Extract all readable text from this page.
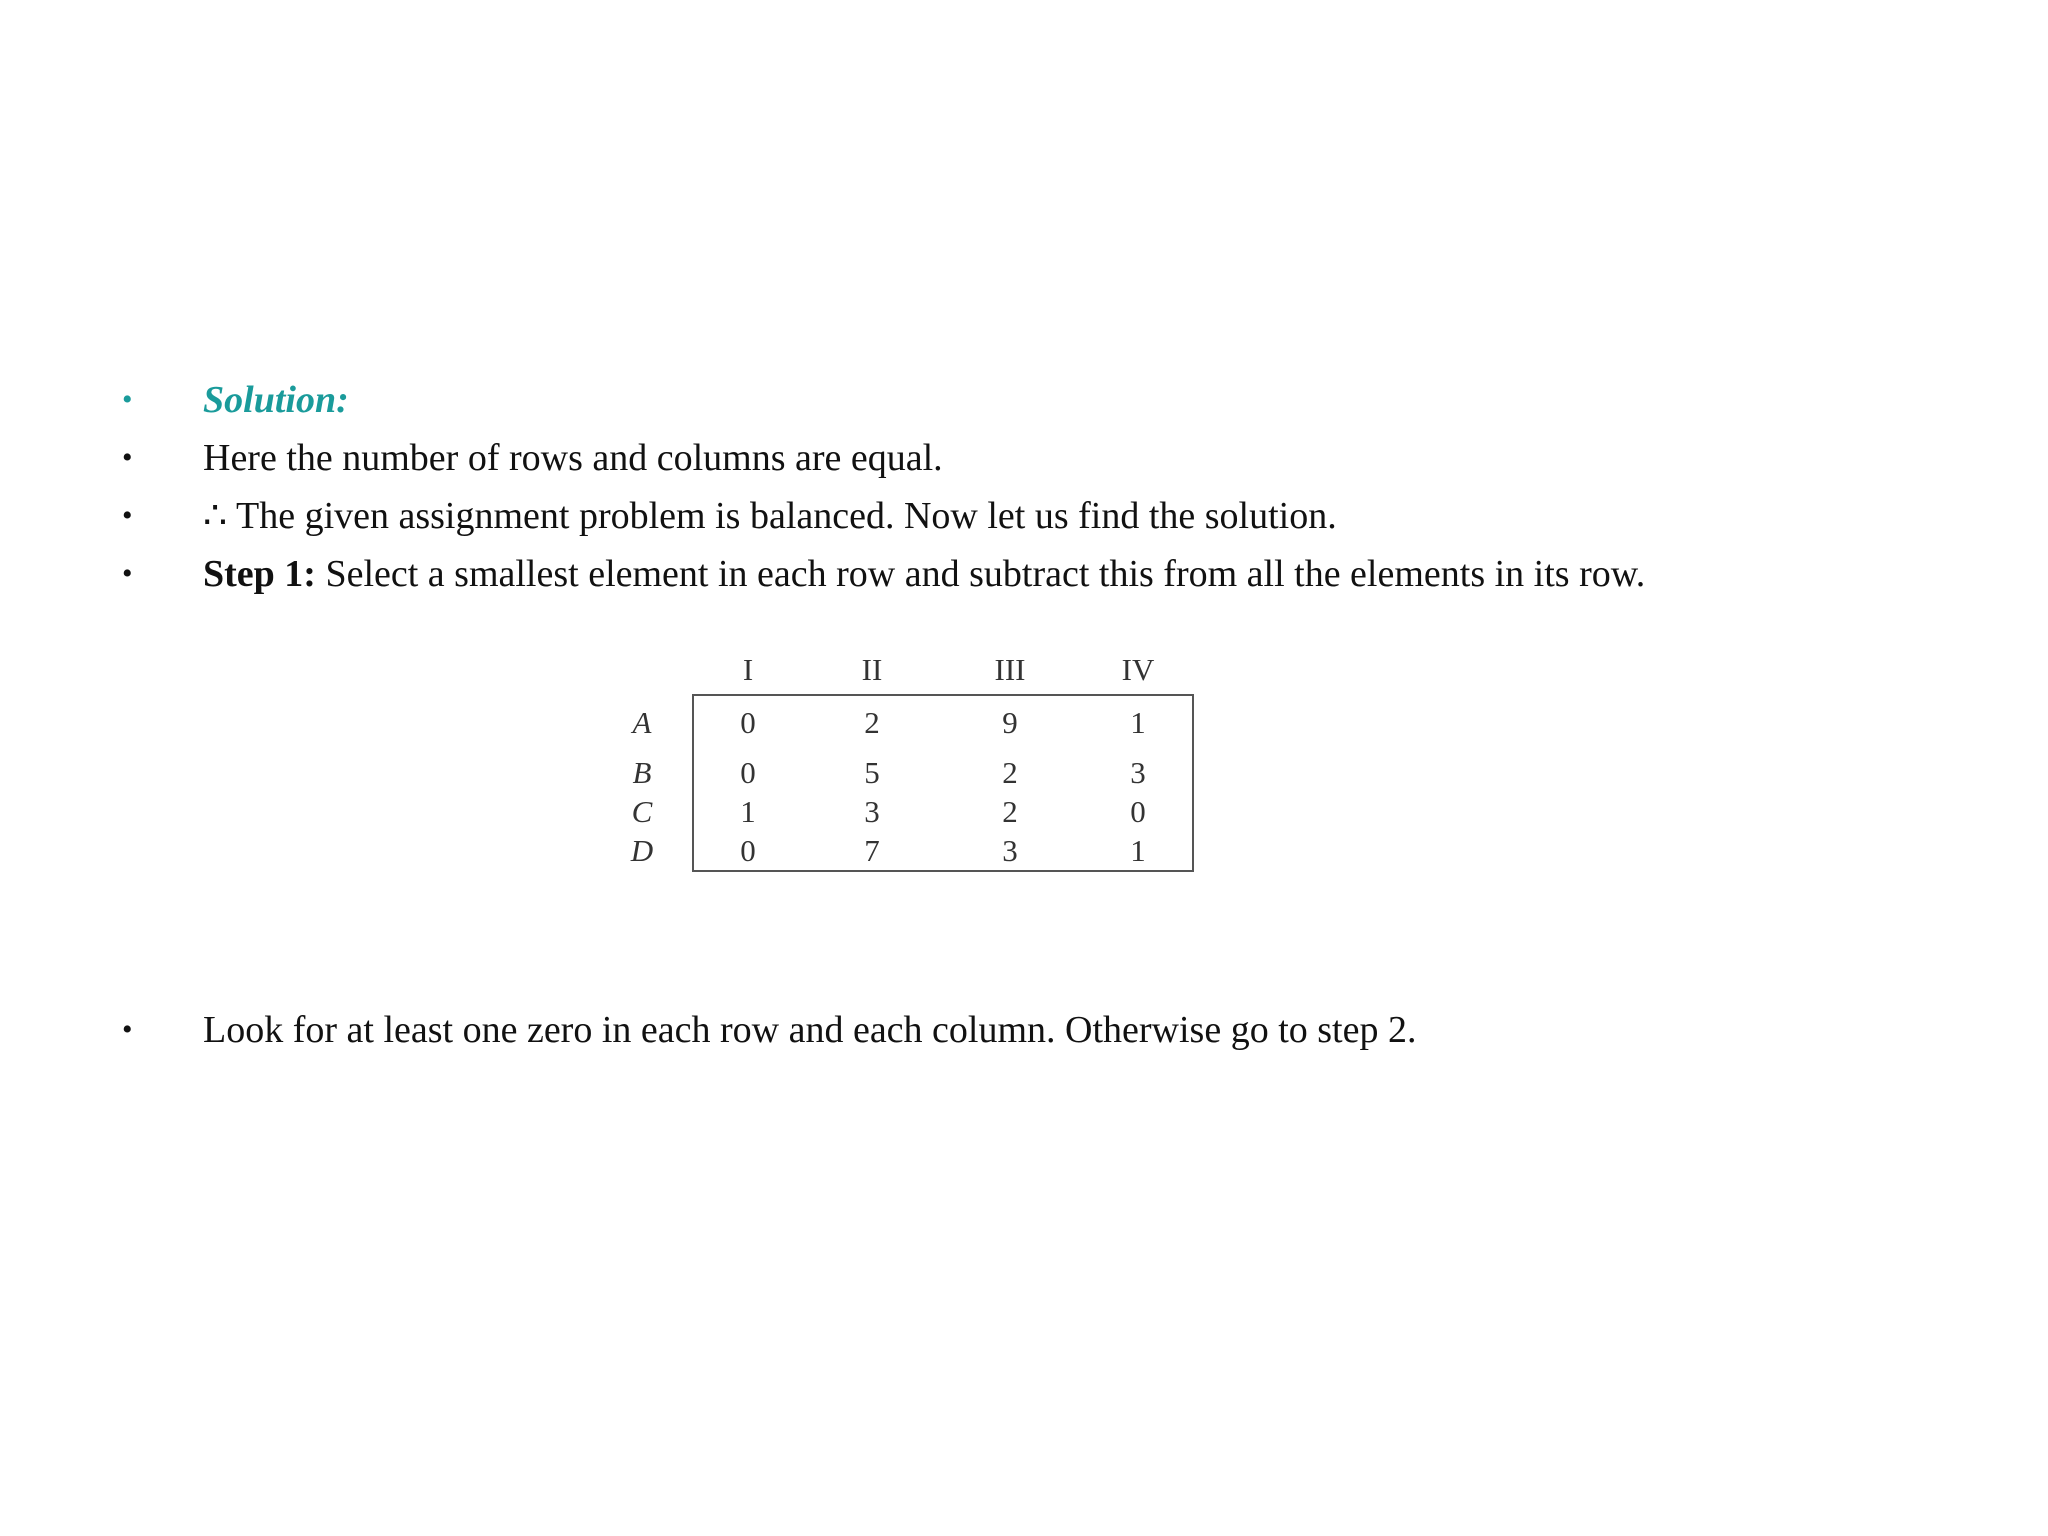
• Solution:
• Here the number of rows and columns are equal.
• ∴ The given assignment problem is balanced. Now let us find the solution.
• Step 1: Select a smallest element in each row and subtract this from all the elements in its row.
I	II	III	IV
A	0	2	9	1
B	0	5	2	3
C	1	3	2	0
D	0	7	3	1
• Look for at least one zero in each row and each column. Otherwise go to step 2.
